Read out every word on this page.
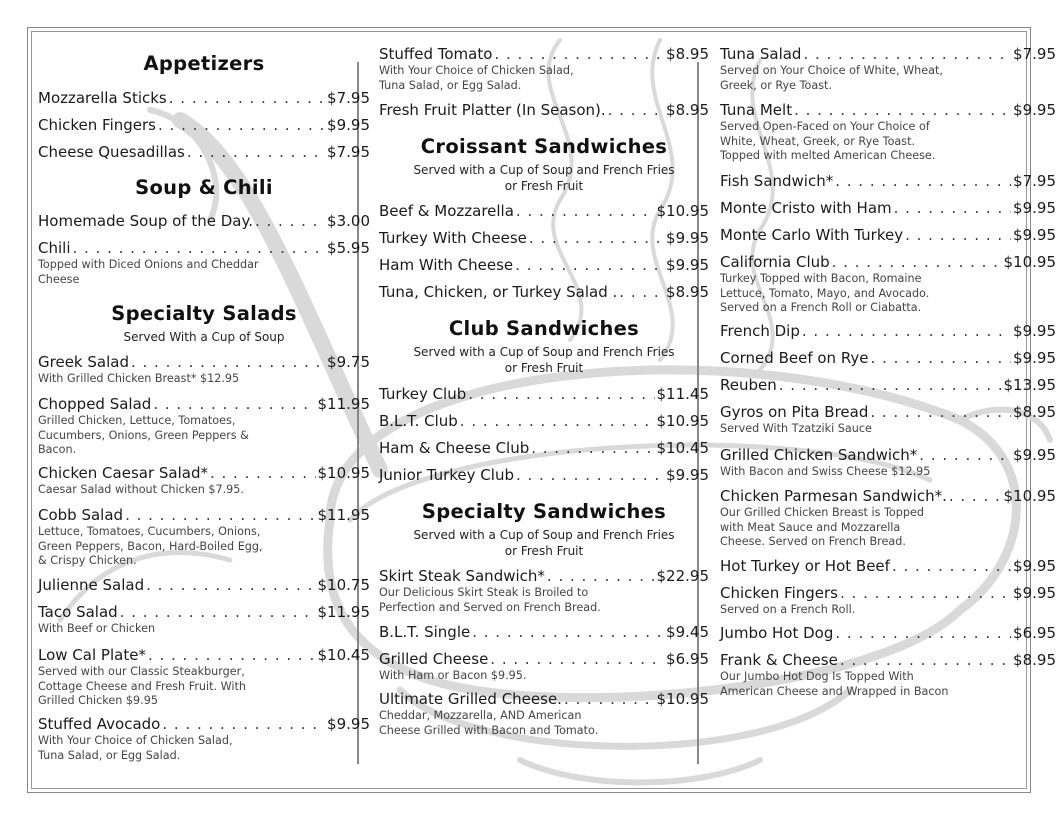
Appetizers
Mozzarella Sticks . . .	$7.95
Chicken Fingers . . .	$9.95
Cheese Quesadillas . . .	$7.95
Soup & Chili
Homemade Soup of the Day. . . .	$3.00
Chili . . .	$5.95
Topped with Diced Onions and Cheddar
Cheese
Specialty Salads
Served With a Cup of Soup
Greek Salad . . .	$9.75
With Grilled Chicken Breast* $12.95
Chopped Salad . . .	$11.95
Grilled Chicken, Lettuce, Tomatoes,
Cucumbers, Onions, Green Peppers &
Bacon.
Chicken Caesar Salad* . . .	$10.95
Caesar Salad without Chicken $7.95.
Cobb Salad . . .	$11.95
Lettuce, Tomatoes, Cucumbers, Onions,
Green Peppers, Bacon, Hard-Boiled Egg,
& Crispy Chicken.
Julienne Salad . . .	$10.75
Taco Salad . . .	$11.95
With Beef or Chicken
Low Cal Plate* . . .	$10.45
Served with our Classic Steakburger,
Cottage Cheese and Fresh Fruit. With
Grilled Chicken $9.95
Stuffed Avocado . . .	$9.95
With Your Choice of Chicken Salad,
Tuna Salad, or Egg Salad.
Stuffed Tomato . . .	$8.95
With Your Choice of Chicken Salad,
Tuna Salad, or Egg Salad.
Fresh Fruit Platter (In Season). . . .	$8.95
Croissant Sandwiches
Served with a Cup of Soup and French Fries
or Fresh Fruit
Beef & Mozzarella . . .	$10.95
Turkey With Cheese . . .	$9.95
Ham With Cheese . . .	$9.95
Tuna, Chicken, or Turkey Salad . . . .	$8.95
Club Sandwiches
Served with a Cup of Soup and French Fries
or Fresh Fruit
Turkey Club . . .	$11.45
B.L.T. Club . . .	$10.95
Ham & Cheese Club . . .	$10.45
Junior Turkey Club . . .	$9.95
Specialty Sandwiches
Served with a Cup of Soup and French Fries
or Fresh Fruit
Skirt Steak Sandwich* . . .	$22.95
Our Delicious Skirt Steak is Broiled to
Perfection and Served on French Bread.
B.L.T. Single . . .	$9.45
Grilled Cheese . . .	$6.95
With Ham or Bacon $9.95.
Ultimate Grilled Cheese. . . .	$10.95
Cheddar, Mozzarella, AND American
Cheese Grilled with Bacon and Tomato.
Tuna Salad . . .	$7.95
Served on Your Choice of White, Wheat,
Greek, or Rye Toast.
Tuna Melt . . .	$9.95
Served Open-Faced on Your Choice of
White, Wheat, Greek, or Rye Toast.
Topped with melted American Cheese.
Fish Sandwich* . . .	$7.95
Monte Cristo with Ham . . .	$9.95
Monte Carlo With Turkey . . .	$9.95
California Club . . .	$10.95
Turkey Topped with Bacon, Romaine
Lettuce, Tomato, Mayo, and Avocado.
Served on a French Roll or Ciabatta.
French Dip . . .	$9.95
Corned Beef on Rye . . .	$9.95
Reuben . . .	$13.95
Gyros on Pita Bread . . .	$8.95
Served With Tzatziki Sauce
Grilled Chicken Sandwich* . . .	$9.95
With Bacon and Swiss Cheese $12.95
Chicken Parmesan Sandwich*. . . .	$10.95
Our Grilled Chicken Breast is Topped
with Meat Sauce and Mozzarella
Cheese. Served on French Bread.
Hot Turkey or Hot Beef . . .	$9.95
Chicken Fingers . . .	$9.95
Served on a French Roll.
Jumbo Hot Dog . . .	$6.95
Frank & Cheese . . .	$8.95
Our Jumbo Hot Dog Is Topped With
American Cheese and Wrapped in Bacon
